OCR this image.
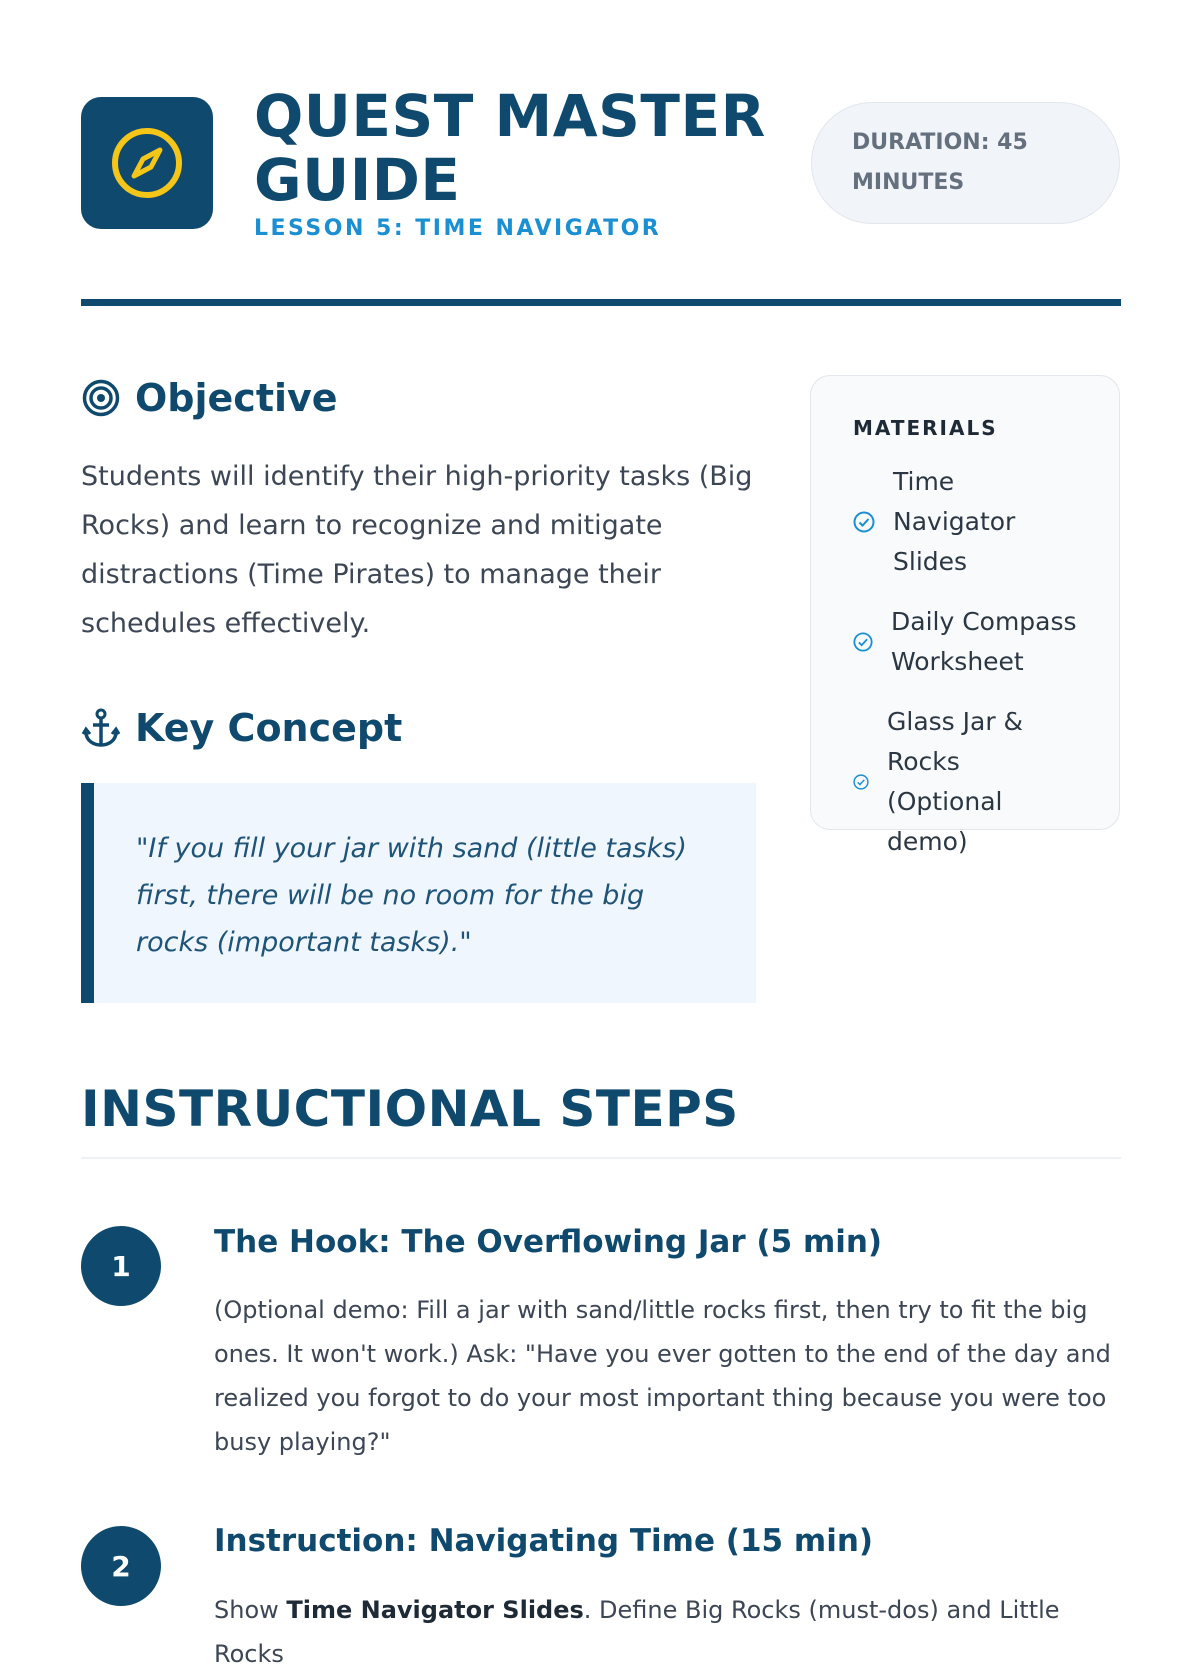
QUEST MASTER GUIDE
LESSON 5: TIME NAVIGATOR
DURATION: 45 MINUTES
Objective

Students will identify their high-priority tasks (Big Rocks) and learn to recognize and mitigate distractions (Time Pirates) to manage their schedules effectively.

Key Concept

"If you fill your jar with sand (little tasks) first, there will be no room for the big rocks (important tasks)."

MATERIALS
Time Navigator Slides
Daily Compass Worksheet
Glass Jar & Rocks (Optional demo)
INSTRUCTIONAL STEPS
1
The Hook: The Overflowing Jar (5 min)

(Optional demo: Fill a jar with sand/little rocks first, then try to fit the big ones. It won't work.) Ask: "Have you ever gotten to the end of the day and realized you forgot to do your most important thing because you were too busy playing?"

2
Instruction: Navigating Time (15 min)

Show Time Navigator Slides. Define Big Rocks (must-dos) and Little Rocks
